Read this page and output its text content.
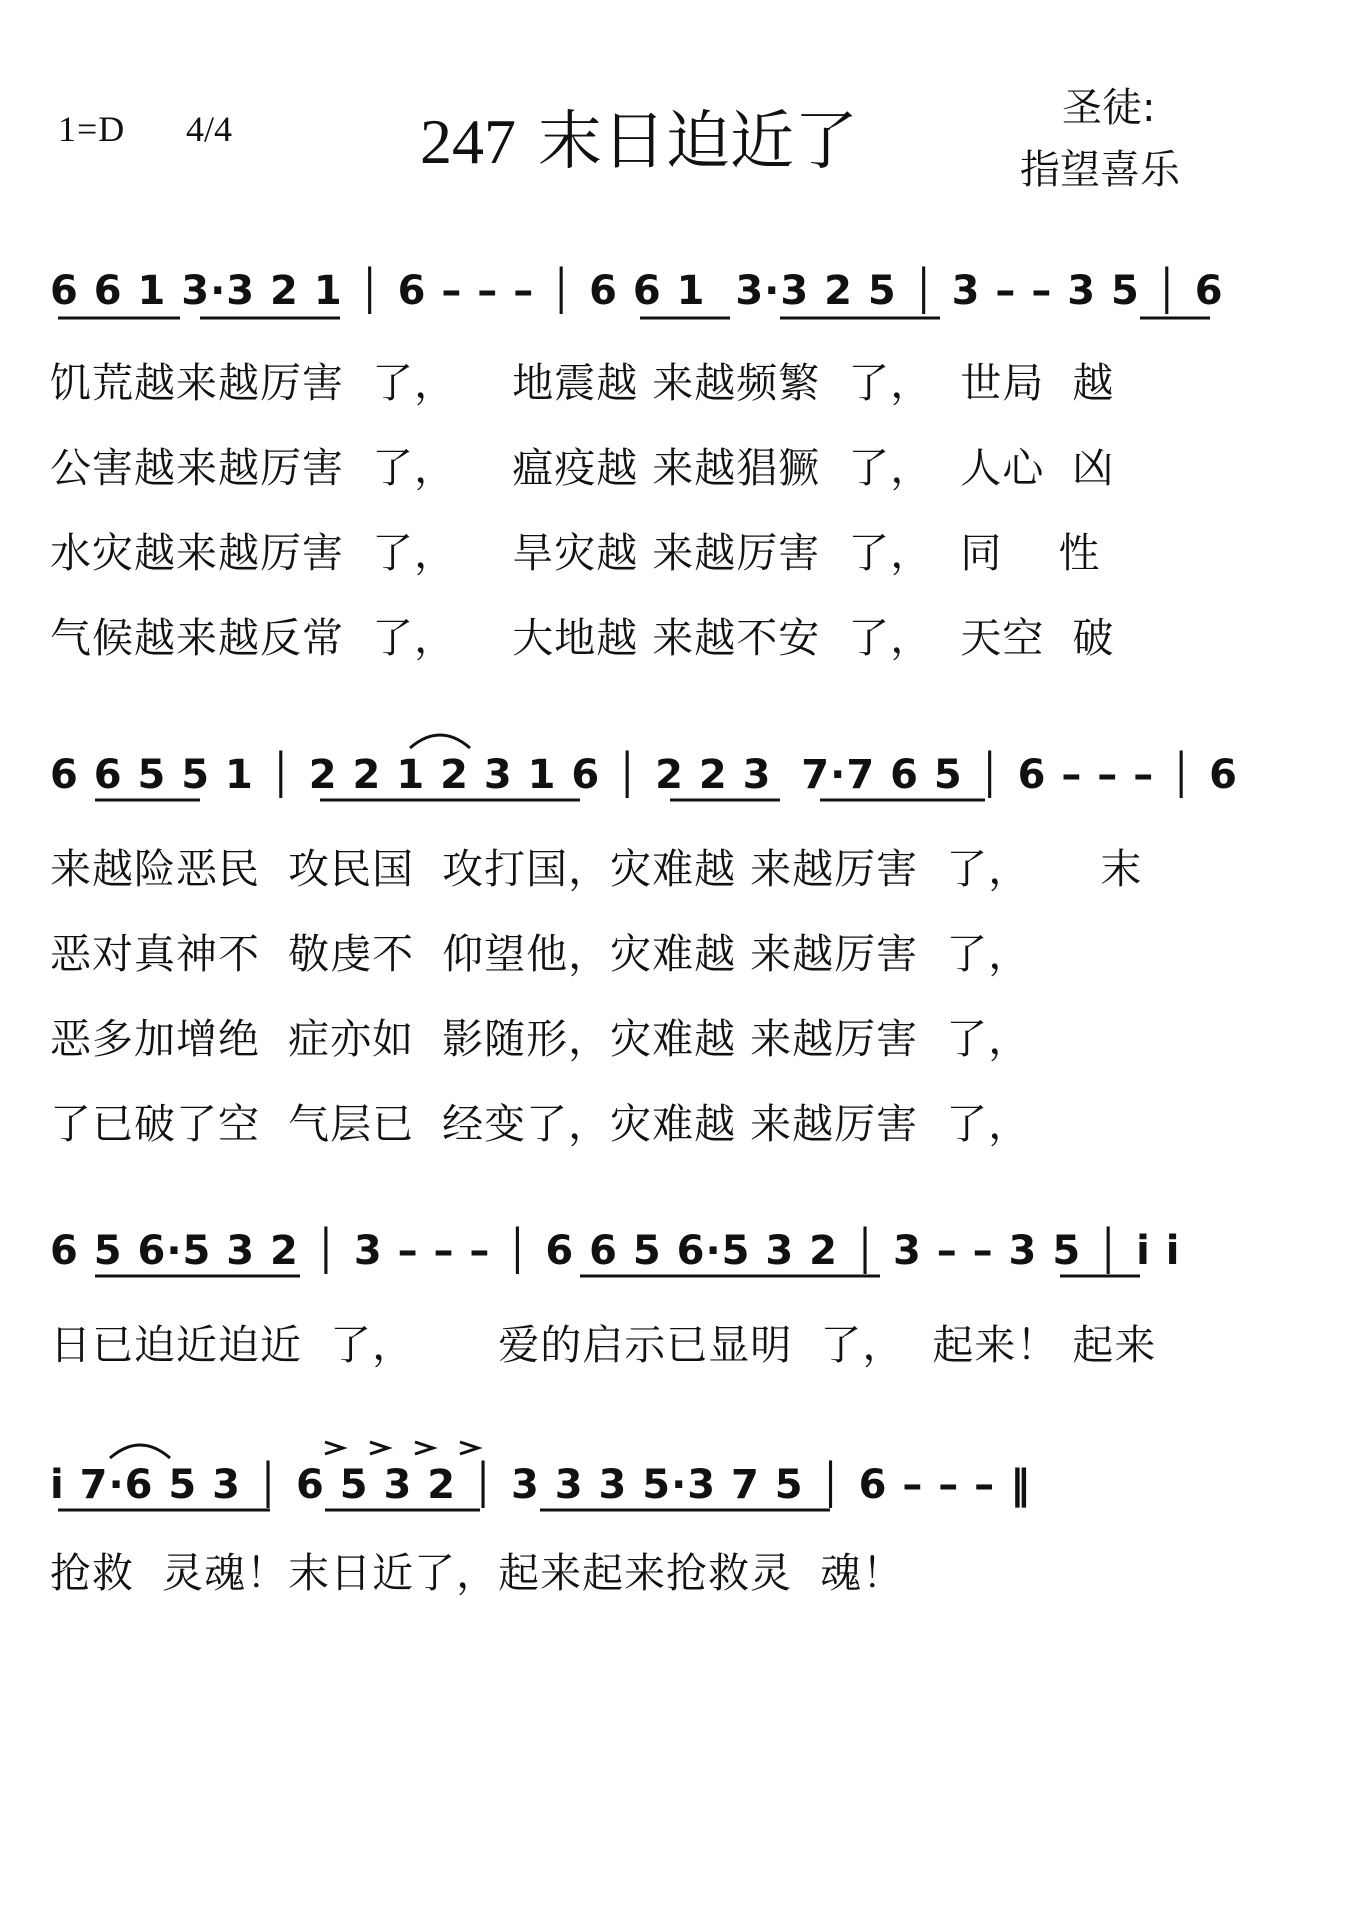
1=D 4/4	247 末日迫近了	圣徒:
指望喜乐
6 6 1 3·3 2 1 │ 6 – – – │ 6 6 1  3·3 2 5 │ 3 – – 3 5 │ 6
饥荒越来越厉害  了，    地震越 来越频繁  了，  世局  越
公害越来越厉害  了，    瘟疫越 来越猖獗  了，  人心  凶
水灾越来越厉害  了，    旱灾越 来越厉害  了，  同    性
气候越来越反常  了，    大地越 来越不安  了，  天空  破
6 6 5 5 1 │ 2 2 1 2 3 1 6 │ 2 2 3  7·7 6 5 │ 6 – – – │ 6
来越险恶民  攻民国  攻打国，灾难越 来越厉害  了，     末
恶对真神不  敬虔不  仰望他，灾难越 来越厉害  了，
恶多加增绝  症亦如  影随形，灾难越 来越厉害  了，
了已破了空  气层已  经变了，灾难越 来越厉害  了，
6 5 6·5 3 2 │ 3 – – – │ 6 6 5 6·5 3 2 │ 3 – – 3 5 │ i i
日已迫近迫近  了，      爱的启示已显明  了，  起来！ 起来
i 7·6 5 3 │ 6 5 3 2 │ 3 3 3 5·3 7 5 │ 6 – – – ‖
抢救  灵魂！末日近了，起来起来抢救灵  魂！
